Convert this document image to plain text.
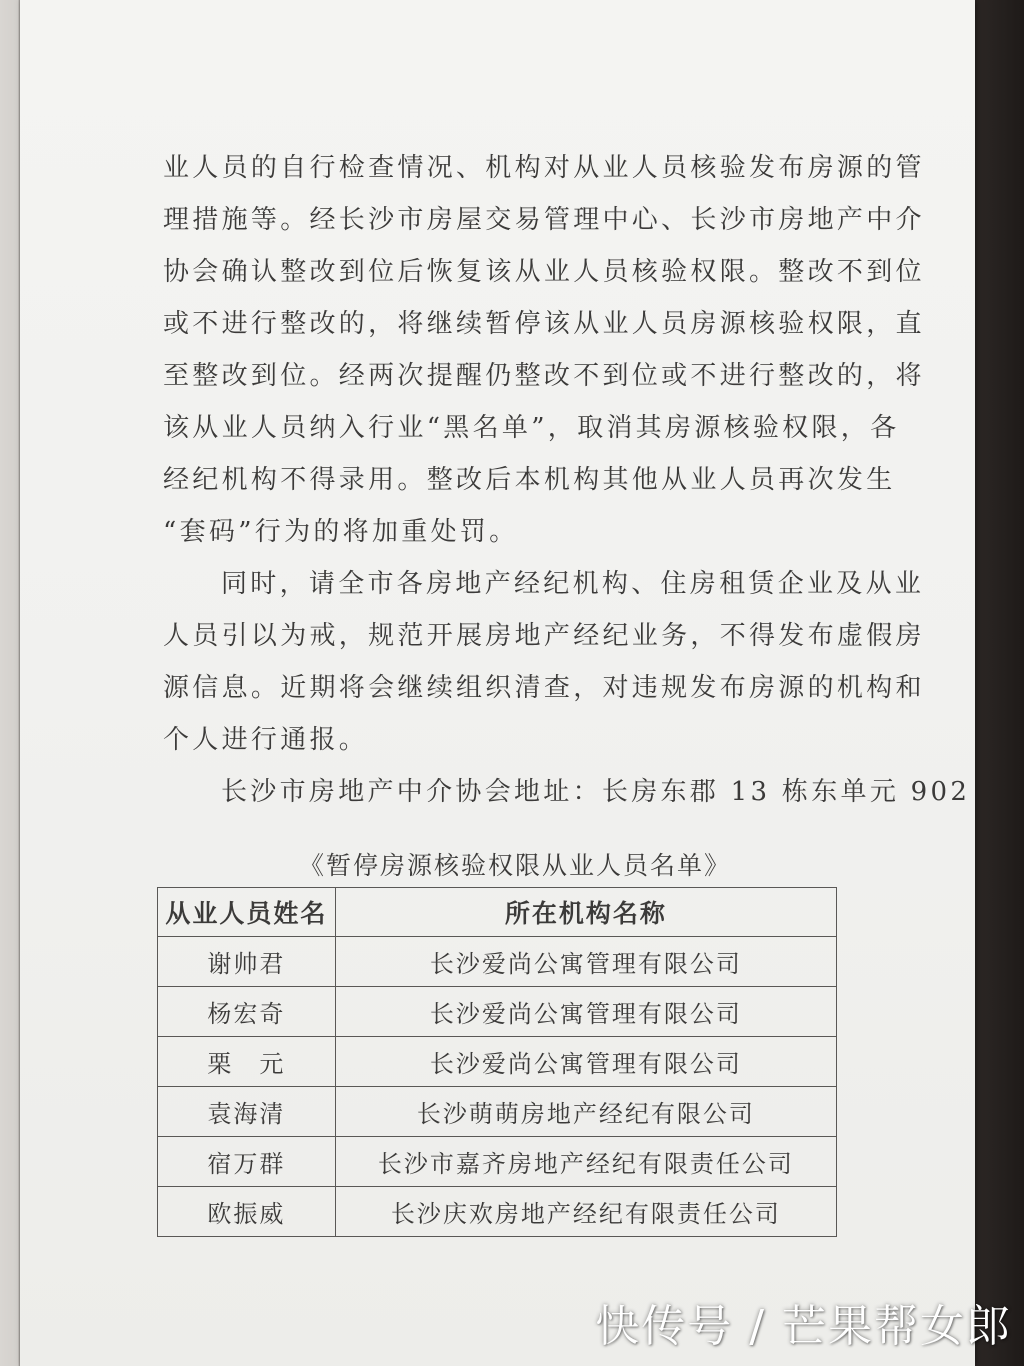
业人员的自行检查情况、机构对从业人员核验发布房源的管
理措施等。经长沙市房屋交易管理中心、长沙市房地产中介
协会确认整改到位后恢复该从业人员核验权限。整改不到位
或不进行整改的，将继续暂停该从业人员房源核验权限，直
至整改到位。经两次提醒仍整改不到位或不进行整改的，将
该从业人员纳入行业“黑名单”，取消其房源核验权限，各
经纪机构不得录用。整改后本机构其他从业人员再次发生
“套码”行为的将加重处罚。
同时，请全市各房地产经纪机构、住房租赁企业及从业
人员引以为戒，规范开展房地产经纪业务，不得发布虚假房
源信息。近期将会继续组织清查，对违规发布房源的机构和
个人进行通报。
长沙市房地产中介协会地址：长房东郡 13 栋东单元 902
《暂停房源核验权限从业人员名单》
从业人员姓名	所在机构名称
谢帅君	长沙爱尚公寓管理有限公司
杨宏奇	长沙爱尚公寓管理有限公司
栗　元	长沙爱尚公寓管理有限公司
袁海清	长沙萌萌房地产经纪有限公司
宿万群	长沙市嘉齐房地产经纪有限责任公司
欧振威	长沙庆欢房地产经纪有限责任公司
快传号 / 芒果帮女郎
